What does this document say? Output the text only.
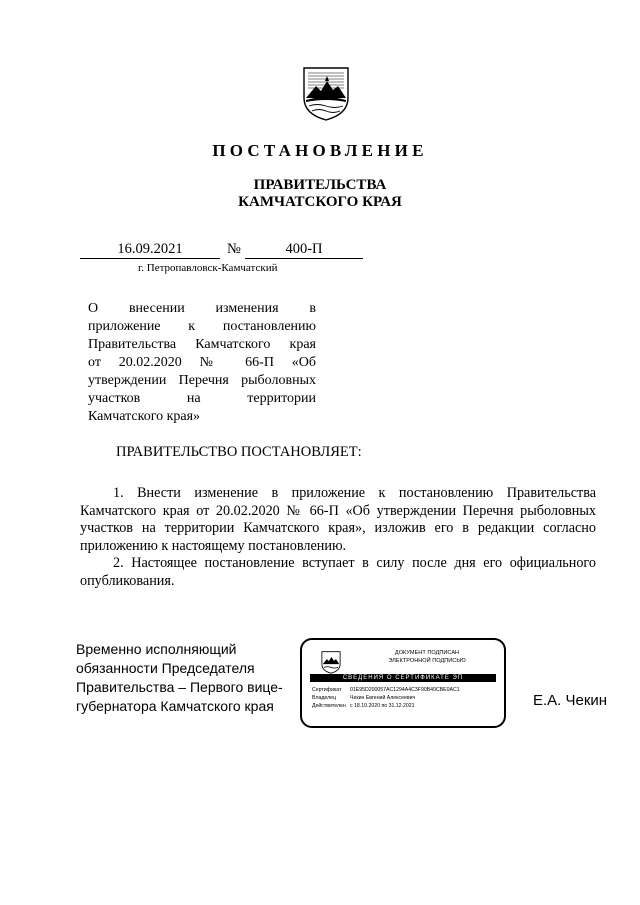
ПОСТАНОВЛЕНИЕ
ПРАВИТЕЛЬСТВА
КАМЧАТСКОГО КРАЯ
16.09.2021	№	400-П
г. Петропавловск-Камчатский
О внесении изменения в
приложение к постановлению
Правительства Камчатского края
от 20.02.2020 № 66-П «Об
утверждении Перечня рыболовных
участков на территории
Камчатского края»
ПРАВИТЕЛЬСТВО ПОСТАНОВЛЯЕТ:
1. Внести изменение в приложение к постановлению Правительства
Камчатского края от 20.02.2020 № 66-П «Об утверждении Перечня рыболовных
участков на территории Камчатского края», изложив его в редакции согласно
приложению к настоящему постановлению.
2. Настоящее постановление вступает в силу после дня его официального
опубликования.
Временно исполняющий
обязанности Председателя
Правительства – Первого вице-
губернатора Камчатского края
ДОКУМЕНТ ПОДПИСАН
ЭЛЕКТРОННОЙ ПОДПИСЬЮ
СВЕДЕНИЯ О СЕРТИФИКАТЕ ЭП
Сертификат	01E95D200057AC1294A4C3F90B40CBE0AC1
Владелец	Чекин Евгений Алексеевич
Действителен с 18.10.2020 по 31.12.2021	Е.А. Чекин
